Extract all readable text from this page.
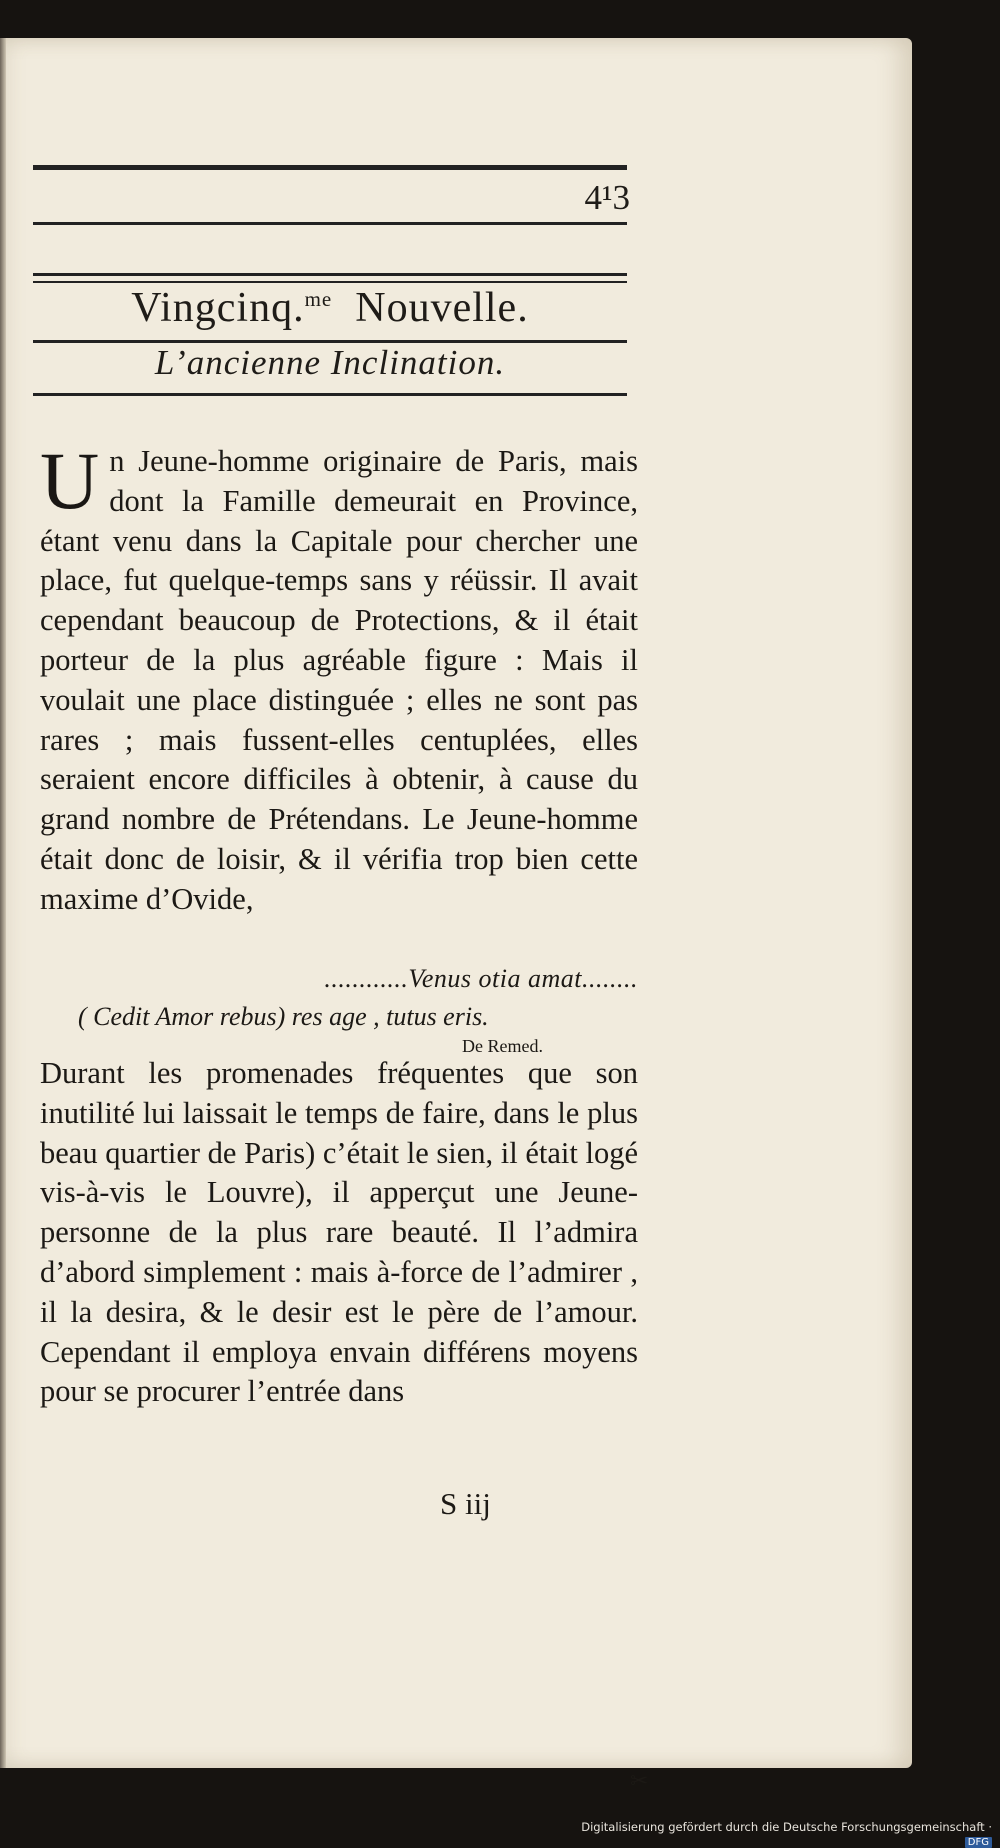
4¹3
Vingcinq.$^{me}$ Nouvelle.
L’ancienne Inclination.
Un Jeune-homme originaire de Paris, mais dont la Famille demeurait en Province, étant venu dans la Capitale pour chercher une place, fut quelque-temps sans y réüssir. Il avait cependant beaucoup de Protections, & il était porteur de la plus agréable figure : Mais il voulait une place distinguée ; elles ne sont pas rares ; mais fussent-elles centuplées, elles seraient encore difficiles à obtenir, à cause du grand nombre de Prétendans. Le Jeune-homme était donc de loisir, & il vérifia trop bien cette maxime d’Ovide,
............Venus otia amat........
( Cedit Amor rebus) res age , tutus eris.
De Remed.
Durant les promenades fréquentes que son inutilité lui laissait le temps de faire, dans le plus beau quartier de Paris) c’était le sien, il était logé vis-à-vis le Louvre), il apperçut une Jeune-personne de la plus rare beauté. Il l’admira d’abord simplement : mais à-force de l’admirer , il la desira, & le desir est le père de l’amour. Cependant il employa envain différens moyens pour se procurer l’entrée dans
S iij
✂
Digitalisierung gefördert durch die Deutsche Forschungsgemeinschaft ·DFG
